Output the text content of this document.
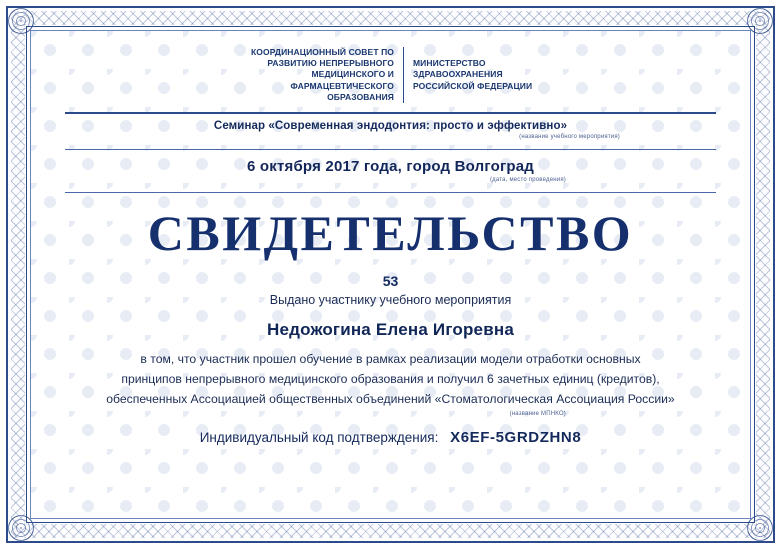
КООРДИНАЦИОННЫЙ СОВЕТ ПО РАЗВИТИЮ НЕПРЕРЫВНОГО МЕДИЦИНСКОГО И ФАРМАЦЕВТИЧЕСКОГО ОБРАЗОВАНИЯ
МИНИСТЕРСТВО ЗДРАВООХРАНЕНИЯ РОССИЙСКОЙ ФЕДЕРАЦИИ
Семинар «Современная эндодонтия: просто и эффективно»
(название учебного мероприятия)
6 октября 2017 года, город Волгоград
(дата, место проведения)
СВИДЕТЕЛЬСТВО
53
Выдано участнику учебного мероприятия
Недожогина Елена Игоревна
в том, что участник прошел обучение в рамках реализации модели отработки основных
принципов непрерывного медицинского образования и получил 6 зачетных единиц (кредитов),
обеспеченных Ассоциацией общественных объединений «Стоматологическая Ассоциация России»
(название МПНКО)
Индивидуальный код подтверждения: X6EF-5GRDZHN8
